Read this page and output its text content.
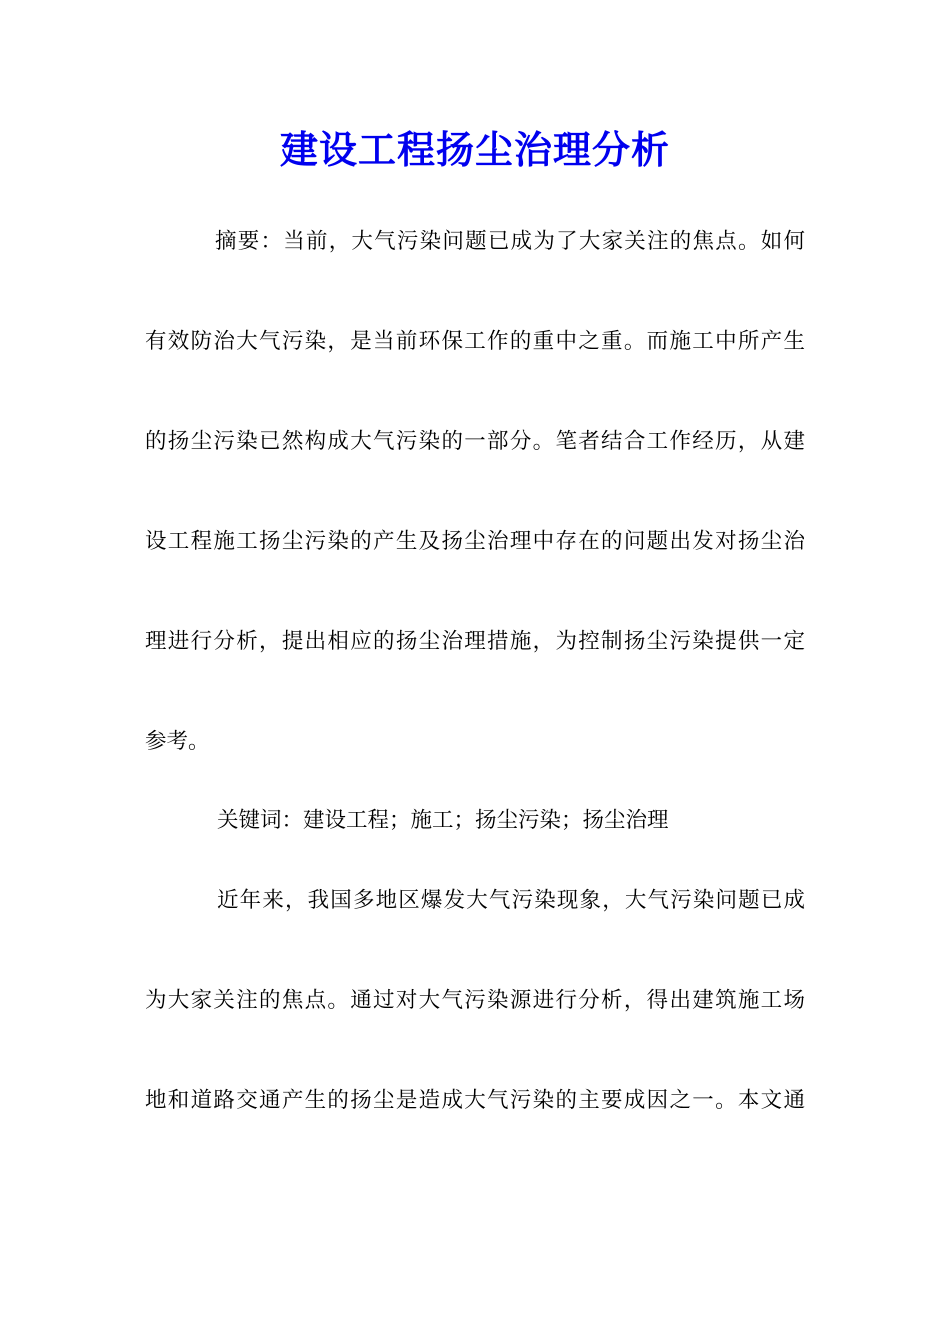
建设工程扬尘治理分析
摘要：当前，大气污染问题已成为了大家关注的焦点。如何
有效防治大气污染，是当前环保工作的重中之重。而施工中所产生
的扬尘污染已然构成大气污染的一部分。笔者结合工作经历，从建
设工程施工扬尘污染的产生及扬尘治理中存在的问题出发对扬尘治
理进行分析，提出相应的扬尘治理措施，为控制扬尘污染提供一定
参考。
关键词：建设工程；施工；扬尘污染；扬尘治理
近年来，我国多地区爆发大气污染现象，大气污染问题已成
为大家关注的焦点。通过对大气污染源进行分析，得出建筑施工场
地和道路交通产生的扬尘是造成大气污染的主要成因之一。本文通
